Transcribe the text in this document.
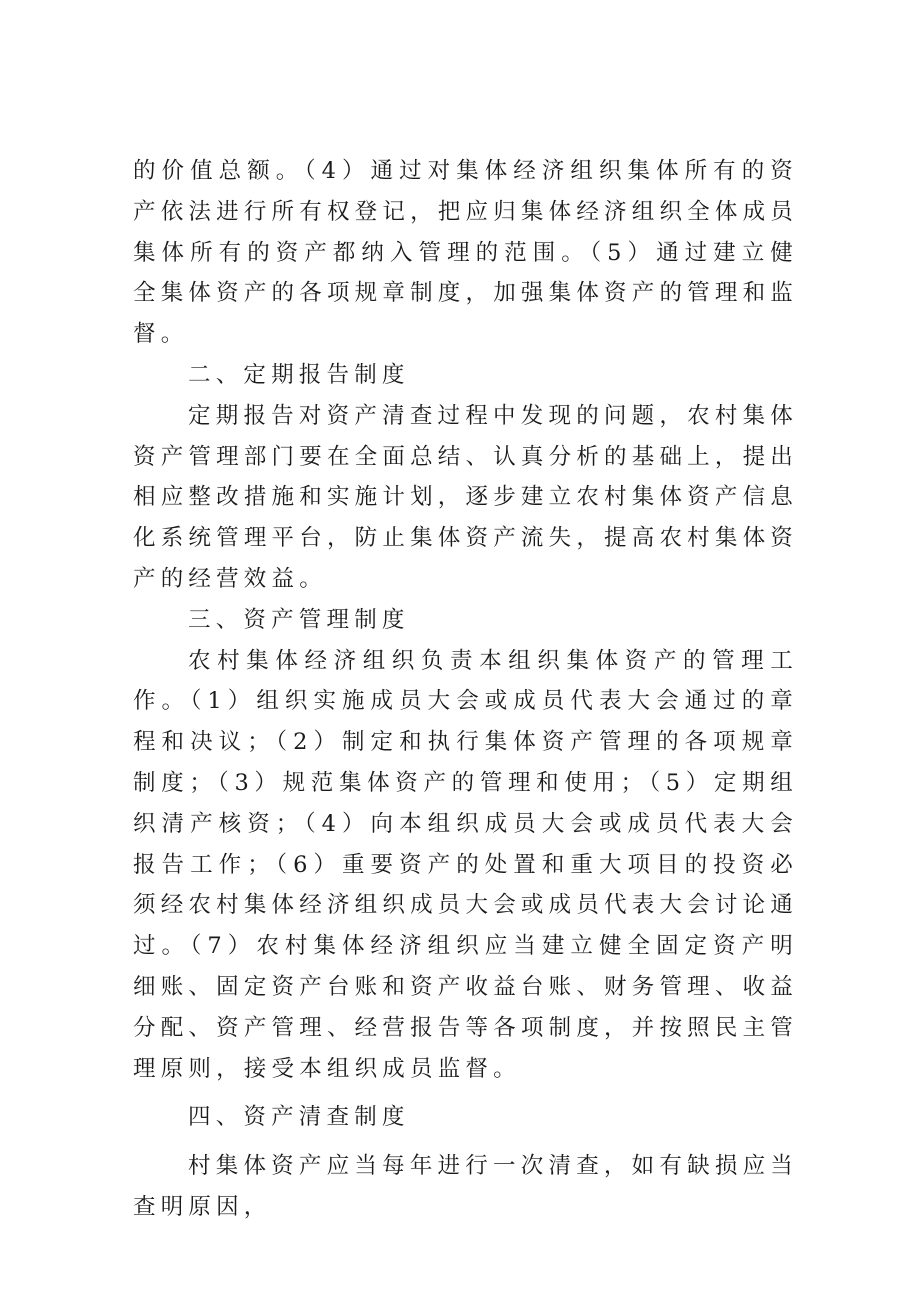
的价值总额。（4）通过对集体经济组织集体所有的资产依法进行所有权登记，把应归集体经济组织全体成员集体所有的资产都纳入管理的范围。（5）通过建立健全集体资产的各项规章制度，加强集体资产的管理和监督。

二、定期报告制度

定期报告对资产清查过程中发现的问题，农村集体资产管理部门要在全面总结、认真分析的基础上，提出相应整改措施和实施计划，逐步建立农村集体资产信息化系统管理平台，防止集体资产流失，提高农村集体资产的经营效益。

三、资产管理制度

农村集体经济组织负责本组织集体资产的管理工作。（1）组织实施成员大会或成员代表大会通过的章程和决议；（2）制定和执行集体资产管理的各项规章制度；（3）规范集体资产的管理和使用；（5）定期组织清产核资；（4）向本组织成员大会或成员代表大会报告工作；（6）重要资产的处置和重大项目的投资必须经农村集体经济组织成员大会或成员代表大会讨论通过。（7）农村集体经济组织应当建立健全固定资产明细账、固定资产台账和资产收益台账、财务管理、收益分配、资产管理、经营报告等各项制度，并按照民主管理原则，接受本组织成员监督。

四、资产清查制度

村集体资产应当每年进行一次清查，如有缺损应当查明原因，
